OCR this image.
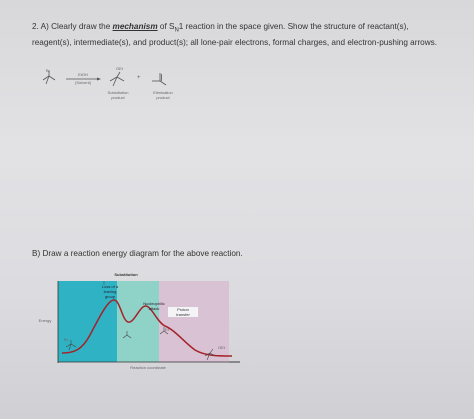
2. A) Clearly draw the mechanism of $S_N1$ reaction in the space given. Show the structure of reactant(s), reagent(s), intermediate(s), and product(s); all lone-pair electrons, formal charges, and electron-pushing arrows.
Br
EtOH
(Solvent)
OEt
+
Substitution
product
Elimination
product
B) Draw a reaction energy diagram for the above reaction.
Substitution
Energy
Reaction coordinate
Loss of a
leaving
group
Nucleophilic
attack	Proton
transfer
Br
Et
OEt
